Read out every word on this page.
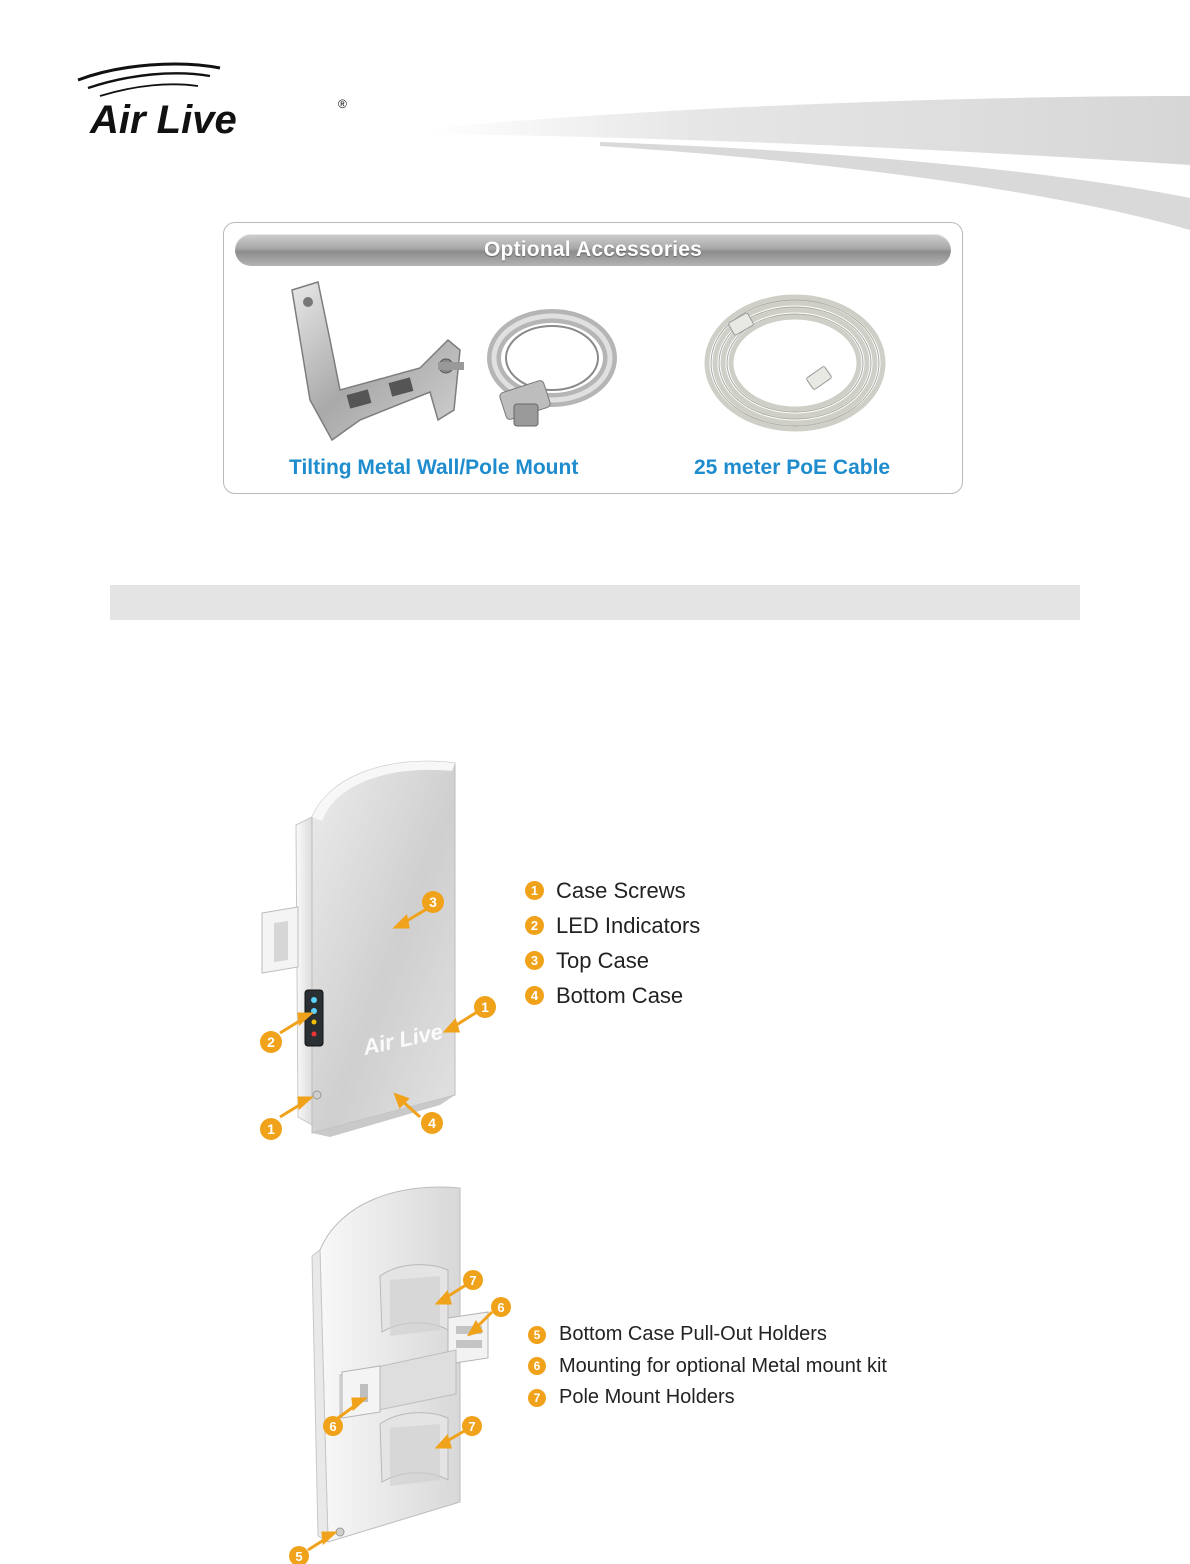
Air Live	®
Optional Accessories
Tilting Metal Wall/Pole Mount	25 meter PoE Cable
Air Live
3
1
2
1	4
1 Case Screws
2 LED Indicators
3 Top Case
4 Bottom Case
7
6
6	7
5
5 Bottom Case Pull-Out Holders
6 Mounting for optional Metal mount kit
7 Pole Mount Holders
